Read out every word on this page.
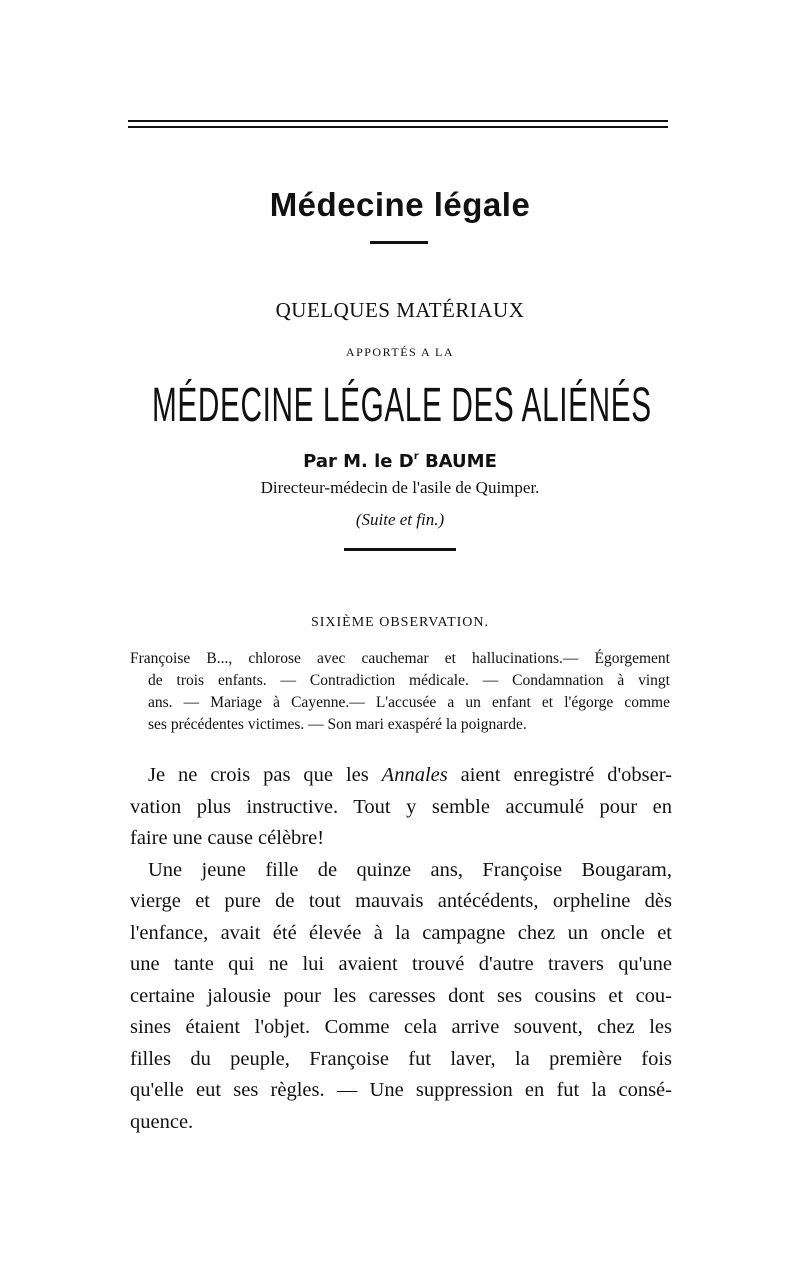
Médecine légale
QUELQUES MATÉRIAUX
APPORTÉS A LA
MÉDECINE LÉGALE DES ALIÉNÉS
Par M. le $D^r$ BAUME
Directeur-médecin de l'asile de Quimper.
(Suite et fin.)
SIXIÈME OBSERVATION.

Françoise B..., chlorose avec cauchemar et hallucinations.— Égorgement

de trois enfants. — Contradiction médicale. — Condamnation à vingt

ans. — Mariage à Cayenne.— L'accusée a un enfant et l'égorge comme

ses précédentes victimes. — Son mari exaspéré la poignarde.

Je ne crois pas que les Annales aient enregistré d'obser-
vation plus instructive. Tout y semble accumulé pour en
faire une cause célèbre!
Une jeune fille de quinze ans, Françoise Bougaram,
vierge et pure de tout mauvais antécédents, orpheline dès
l'enfance, avait été élevée à la campagne chez un oncle et
une tante qui ne lui avaient trouvé d'autre travers qu'une
certaine jalousie pour les caresses dont ses cousins et cou-
sines étaient l'objet. Comme cela arrive souvent, chez les
filles du peuple, Françoise fut laver, la première fois
qu'elle eut ses règles. — Une suppression en fut la consé-
quence.
